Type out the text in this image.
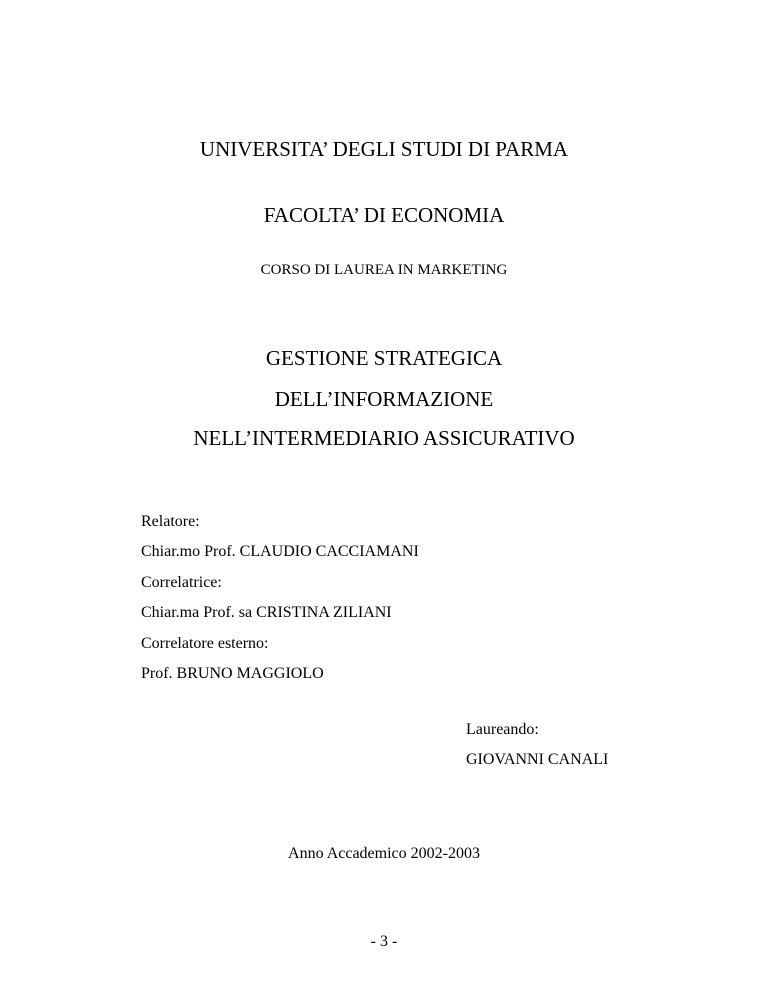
UNIVERSITA’ DEGLI STUDI DI PARMA
FACOLTA’ DI ECONOMIA
CORSO DI LAUREA IN MARKETING
GESTIONE STRATEGICA
DELL’INFORMAZIONE
NELL’INTERMEDIARIO ASSICURATIVO
Relatore:
Chiar.mo Prof. CLAUDIO CACCIAMANI
Correlatrice:
Chiar.ma Prof. sa CRISTINA ZILIANI
Correlatore esterno:
Prof. BRUNO MAGGIOLO
Laureando:
GIOVANNI CANALI
Anno Accademico 2002-2003
- 3 -
